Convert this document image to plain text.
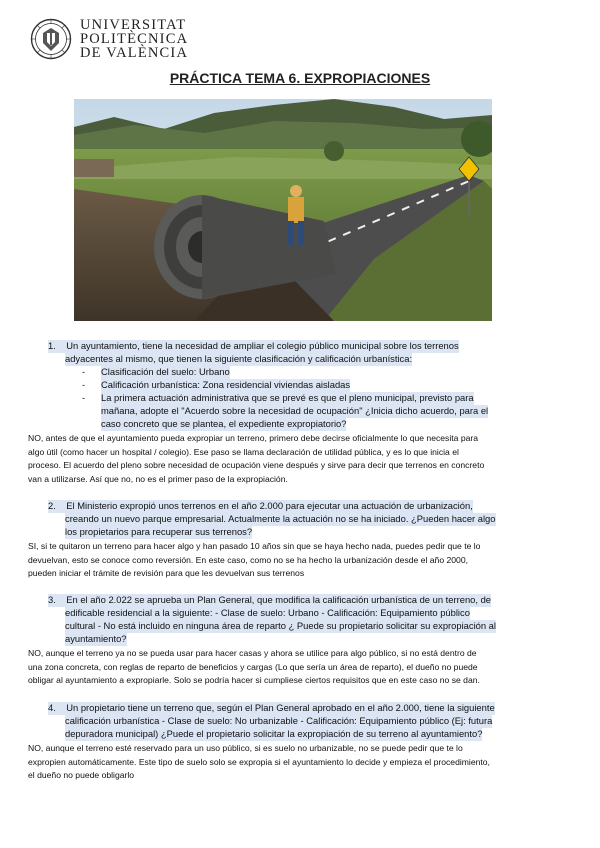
UNIVERSITAT
POLITÈCNICA
DE VALÈNCIA
PRÁCTICA TEMA 6. EXPROPIACIONES
1. Un ayuntamiento, tiene la necesidad de ampliar el colegio público municipal sobre los terrenos
adyacentes al mismo, que tienen la siguiente clasificación y calificación urbanística:
- Clasificación del suelo: Urbano
- Calificación urbanística: Zona residencial viviendas aisladas
- La primera actuación administrativa que se prevé es que el pleno municipal, previsto para
mañana, adopte el "Acuerdo sobre la necesidad de ocupación" ¿Inicia dicho acuerdo, para el
caso concreto que se plantea, el expediente expropiatorio?
NO, antes de que el ayuntamiento pueda expropiar un terreno, primero debe decirse oficialmente lo que necesita para
algo útil (como hacer un hospital / colegio). Ese paso se llama declaración de utilidad pública, y es lo que inicia el
proceso. El acuerdo del pleno sobre necesidad de ocupación viene después y sirve para decir que terrenos en concreto
van a utilizarse. Así que no, no es el primer paso de la expropiación.
2. El Ministerio expropió unos terrenos en el año 2.000 para ejecutar una actuación de urbanización,
creando un nuevo parque empresarial. Actualmente la actuación no se ha iniciado. ¿Pueden hacer algo
los propietarios para recuperar sus terrenos?
SI, si te quitaron un terreno para hacer algo y han pasado 10 años sin que se haya hecho nada, puedes pedir que te lo
devuelvan, esto se conoce como reversión. En este caso, como no se ha hecho la urbanización desde el año 2000,
pueden iniciar el trámite de revisión para que les devuelvan sus terrenos
3. En el año 2.022 se aprueba un Plan General, que modifica la calificación urbanística de un terreno, de
edificable residencial a la siguiente: - Clase de suelo: Urbano - Calificación: Equipamiento público
cultural - No está incluido en ninguna área de reparto ¿ Puede su propietario solicitar su expropiación al
ayuntamiento?
NO, aunque el terreno ya no se pueda usar para hacer casas y ahora se utilice para algo público, si no está dentro de
una zona concreta, con reglas de reparto de beneficios y cargas (Lo que sería un área de reparto), el dueño no puede
obligar al ayuntamiento a expropiarle. Solo se podría hacer si cumpliese ciertos requisitos que en este caso no se dan.
4. Un propietario tiene un terreno que, según el Plan General aprobado en el año 2.000, tiene la siguiente
calificación urbanística - Clase de suelo: No urbanizable - Calificación: Equipamiento público (Ej: futura
depuradora municipal) ¿Puede el propietario solicitar la expropiación de su terreno al ayuntamiento?
NO, aunque el terreno esté reservado para un uso público, si es suelo no urbanizable, no se puede pedir que te lo
expropien automáticamente. Este tipo de suelo solo se expropia si el ayuntamiento lo decide y empieza el procedimiento,
el dueño no puede obligarlo
